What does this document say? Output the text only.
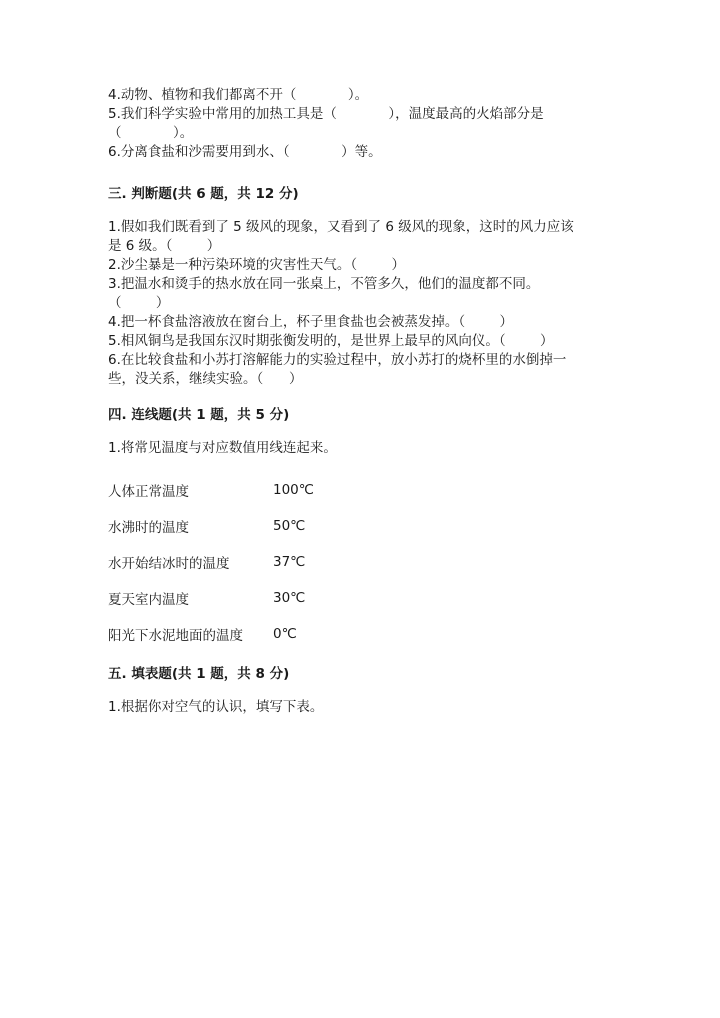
4.动物、植物和我们都离不开（            ）。
5.我们科学实验中常用的加热工具是（            ），温度最高的火焰部分是
（            ）。
6.分离食盐和沙需要用到水、（            ）等。
三. 判断题(共 6 题，共 12 分)
1.假如我们既看到了 5 级风的现象，又看到了 6 级风的现象，这时的风力应该
是 6 级。（        ）
2.沙尘暴是一种污染环境的灾害性天气。（        ）
3.把温水和烫手的热水放在同一张桌上，不管多久，他们的温度都不同。
（        ）
4.把一杯食盐溶液放在窗台上，杯子里食盐也会被蒸发掉。（        ）
5.相风铜鸟是我国东汉时期张衡发明的，是世界上最早的风向仪。（        ）
6.在比较食盐和小苏打溶解能力的实验过程中，放小苏打的烧杯里的水倒掉一
些，没关系，继续实验。（      ）
四. 连线题(共 1 题，共 5 分)
1.将常见温度与对应数值用线连起来。
人体正常温度	100℃
水沸时的温度	50℃
水开始结冰时的温度	37℃
夏天室内温度	30℃
阳光下水泥地面的温度	0℃
五. 填表题(共 1 题，共 8 分)
1.根据你对空气的认识，填写下表。
